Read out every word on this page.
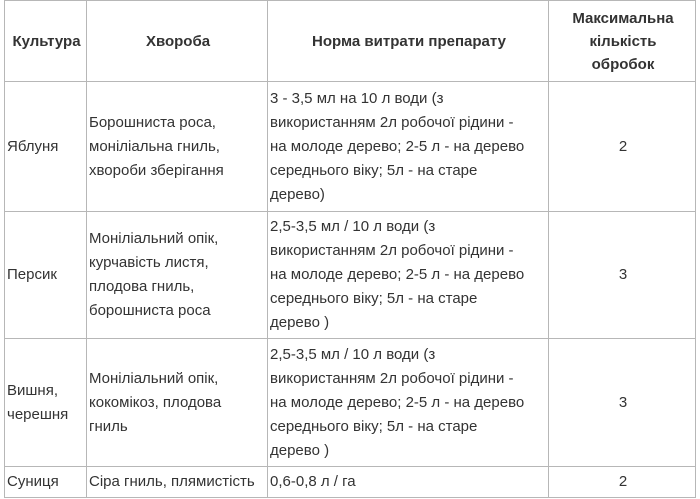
Культура	Хвороба	Норма витрати препарату	Максимальна
кількість
обробок

Яблуня	Борошниста роса,
моніліальна гниль,
хвороби зберігання	3 - 3,5 мл на 10 л води (з
використанням 2л робочої рідини -
на молоде дерево; 2-5 л - на дерево
середнього віку; 5л - на старе
дерево)	2

Персик	Моніліальний опік,
курчавість листя,
плодова гниль,
борошниста роса	2,5-3,5 мл / 10 л води (з
використанням 2л робочої рідини -
на молоде дерево; 2-5 л - на дерево
середнього віку; 5л - на старе
дерево )	3

Вишня,
черешня	Моніліальний опік,
кокомікоз, плодова
гниль	2,5-3,5 мл / 10 л води (з
використанням 2л робочої рідини -
на молоде дерево; 2-5 л - на дерево
середнього віку; 5л - на старе
дерево )	3

Суниця	Сіра гниль, плямистість	0,6-0,8 л / га	2
